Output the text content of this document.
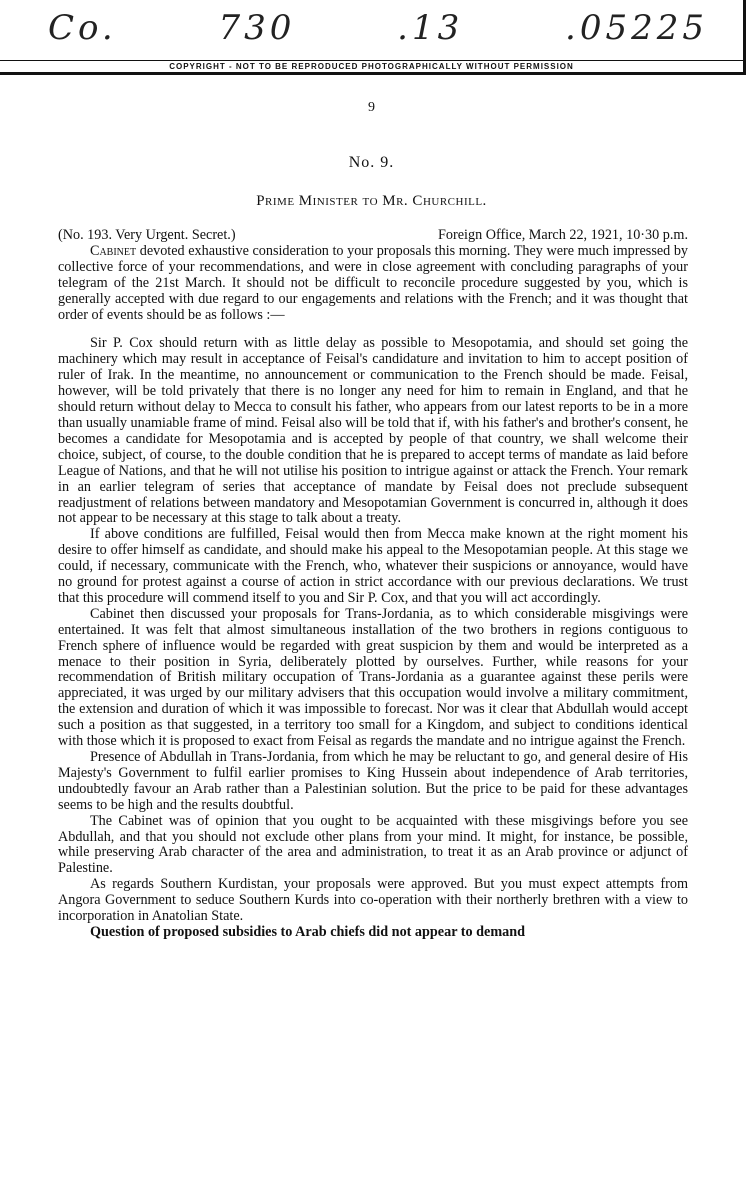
Co.	730	.13	.05225
COPYRIGHT - NOT TO BE REPRODUCED PHOTOGRAPHICALLY WITHOUT PERMISSION
9
No. 9.
Prime Minister to Mr. Churchill.
(No. 193. Very Urgent. Secret.)	Foreign Office, March 22, 1921, 10·30 p.m.

Cabinet devoted exhaustive consideration to your proposals this morning. They were much impressed by collective force of your recommendations, and were in close agreement with concluding paragraphs of your telegram of the 21st March. It should not be difficult to reconcile procedure suggested by you, which is generally accepted with due regard to our engagements and relations with the French; and it was thought that order of events should be as follows :—

Sir P. Cox should return with as little delay as possible to Mesopotamia, and should set going the machinery which may result in acceptance of Feisal's candidature and invitation to him to accept position of ruler of Irak. In the meantime, no announcement or communication to the French should be made. Feisal, however, will be told privately that there is no longer any need for him to remain in England, and that he should return without delay to Mecca to consult his father, who appears from our latest reports to be in a more than usually unamiable frame of mind. Feisal also will be told that if, with his father's and brother's consent, he becomes a candidate for Mesopotamia and is accepted by people of that country, we shall welcome their choice, subject, of course, to the double condition that he is prepared to accept terms of mandate as laid before League of Nations, and that he will not utilise his position to intrigue against or attack the French. Your remark in an earlier telegram of series that acceptance of mandate by Feisal does not preclude subsequent readjustment of relations between mandatory and Mesopotamian Government is concurred in, although it does not appear to be necessary at this stage to talk about a treaty.

If above conditions are fulfilled, Feisal would then from Mecca make known at the right moment his desire to offer himself as candidate, and should make his appeal to the Mesopotamian people. At this stage we could, if necessary, communicate with the French, who, whatever their suspicions or annoyance, would have no ground for protest against a course of action in strict accordance with our previous declarations. We trust that this procedure will commend itself to you and Sir P. Cox, and that you will act accordingly.

Cabinet then discussed your proposals for Trans-Jordania, as to which considerable misgivings were entertained. It was felt that almost simultaneous installation of the two brothers in regions contiguous to French sphere of influence would be regarded with great suspicion by them and would be interpreted as a menace to their position in Syria, deliberately plotted by ourselves. Further, while reasons for your recommendation of British military occupation of Trans-Jordania as a guarantee against these perils were appreciated, it was urged by our military advisers that this occupation would involve a military commitment, the extension and duration of which it was impossible to forecast. Nor was it clear that Abdullah would accept such a position as that suggested, in a territory too small for a Kingdom, and subject to conditions identical with those which it is proposed to exact from Feisal as regards the mandate and no intrigue against the French.

Presence of Abdullah in Trans-Jordania, from which he may be reluctant to go, and general desire of His Majesty's Government to fulfil earlier promises to King Hussein about independence of Arab territories, undoubtedly favour an Arab rather than a Palestinian solution. But the price to be paid for these advantages seems to be high and the results doubtful.

The Cabinet was of opinion that you ought to be acquainted with these misgivings before you see Abdullah, and that you should not exclude other plans from your mind. It might, for instance, be possible, while preserving Arab character of the area and administration, to treat it as an Arab province or adjunct of Palestine.

As regards Southern Kurdistan, your proposals were approved. But you must expect attempts from Angora Government to seduce Southern Kurds into co-operation with their northerly brethren with a view to incorporation in Anatolian State.

Question of proposed subsidies to Arab chiefs did not appear to demand
